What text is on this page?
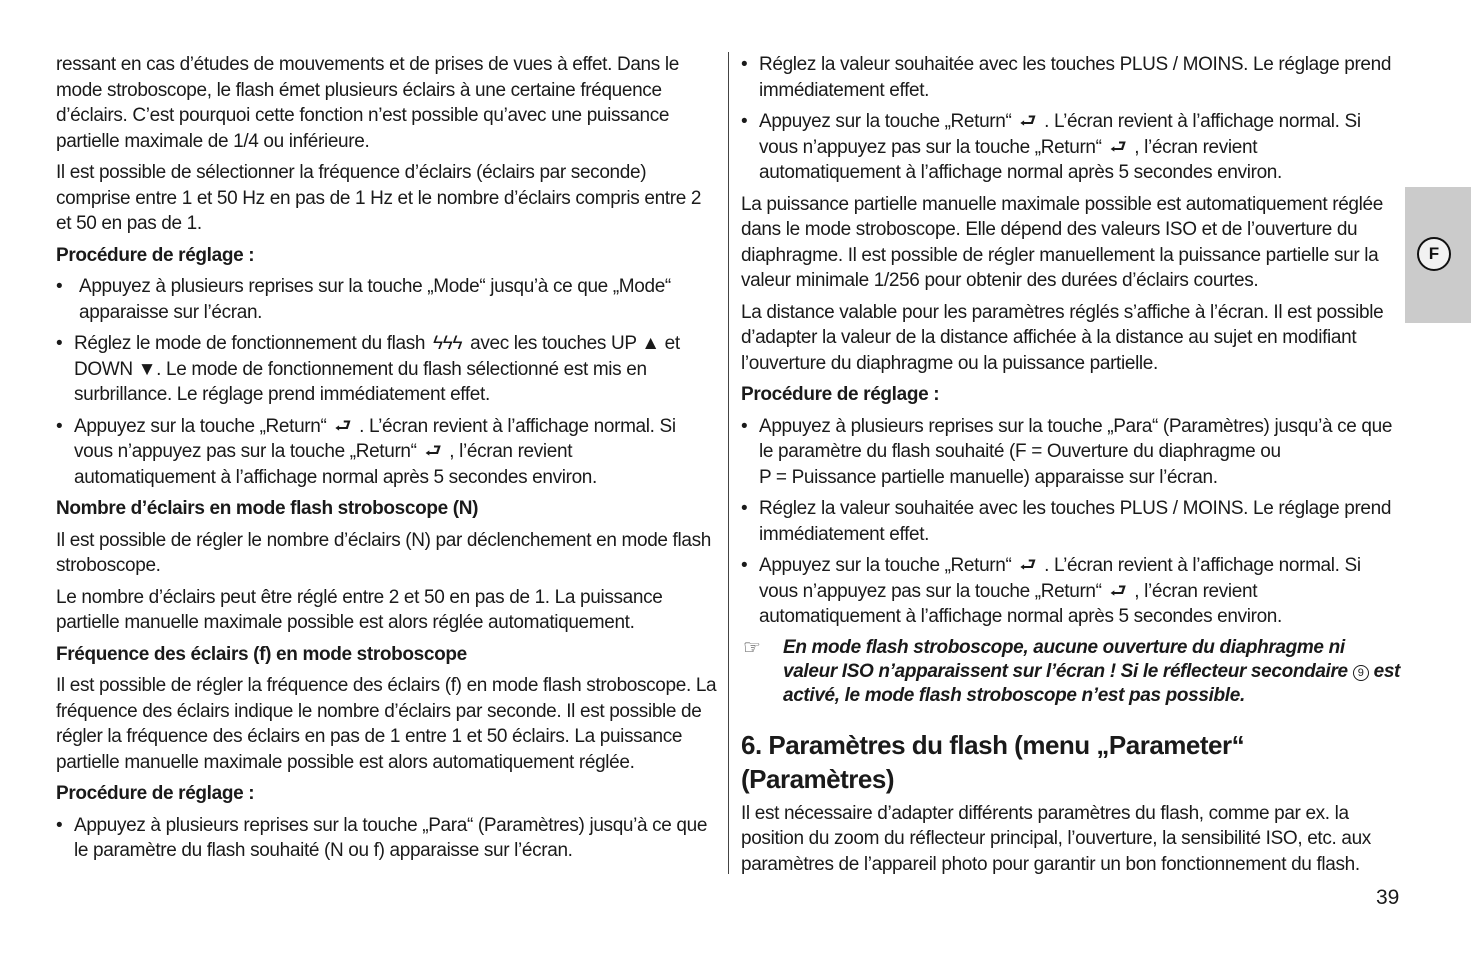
ressant en cas d’études de mouvements et de prises de vues à effet. Dans le mode stroboscope, le flash émet plusieurs éclairs à une certaine fréquence d’éclairs. C’est pourquoi cette fonction n’est possible qu’avec une puissance partielle maximale de 1/4 ou inférieure.

Il est possible de sélectionner la fréquence d’éclairs (éclairs par seconde) comprise entre 1 et 50 Hz en pas de 1 Hz et le nombre d’éclairs compris entre 2 et 50 en pas de 1.

Procédure de réglage :
• Appuyez à plusieurs reprises sur la touche „Mode“ jusqu’à ce que „Mode“ apparaisse sur l’écran.
• Réglez le mode de fonctionnement du flash ϟϟϟ avec les touches UP ▲ et DOWN ▼. Le mode de fonctionnement du flash sélectionné est mis en surbrillance. Le réglage prend immédiatement effet.
• Appuyez sur la touche „Return“ ⮐ . L’écran revient à l’affichage normal. Si vous n’appuyez pas sur la touche „Return“ ⮐ , l’écran revient automatiquement à l’affichage normal après 5 secondes environ.
Nombre d’éclairs en mode flash stroboscope (N)

Il est possible de régler le nombre d’éclairs (N) par déclenchement en mode flash stroboscope.

Le nombre d’éclairs peut être réglé entre 2 et 50 en pas de 1. La puissance partielle manuelle maximale possible est alors réglée automatiquement.

Fréquence des éclairs (f) en mode stroboscope

Il est possible de régler la fréquence des éclairs (f) en mode flash stroboscope. La fréquence des éclairs indique le nombre d’éclairs par seconde. Il est possible de régler la fréquence des éclairs en pas de 1 entre 1 et 50 éclairs. La puissance partielle manuelle maximale possible est alors automatiquement réglée.

Procédure de réglage :
• Appuyez à plusieurs reprises sur la touche „Para“ (Paramètres) jusqu’à ce que le paramètre du flash souhaité (N ou f) apparaisse sur l’écran.
• Réglez la valeur souhaitée avec les touches PLUS / MOINS. Le réglage prend immédiatement effet.
• Appuyez sur la touche „Return“ ⮐ . L’écran revient à l’affichage normal. Si vous n’appuyez pas sur la touche „Return“ ⮐ , l’écran revient automatiquement à l’affichage normal après 5 secondes environ.

La puissance partielle manuelle maximale possible est automatiquement réglée dans le mode stroboscope. Elle dépend des valeurs ISO et de l’ouverture du diaphragme. Il est possible de régler manuellement la puissance partielle sur la valeur minimale 1/256 pour obtenir des durées d’éclairs courtes.

La distance valable pour les paramètres réglés s’affiche à l’écran. Il est possible d’adapter la valeur de la distance affichée à la distance au sujet en modifiant l’ouverture du diaphragme ou la puissance partielle.

Procédure de réglage :
• Appuyez à plusieurs reprises sur la touche „Para“ (Paramètres) jusqu’à ce que le paramètre du flash souhaité (F = Ouverture du diaphragme ou
P = Puissance partielle manuelle) apparaisse sur l’écran.
• Réglez la valeur souhaitée avec les touches PLUS / MOINS. Le réglage prend immédiatement effet.
• Appuyez sur la touche „Return“ ⮐ . L’écran revient à l’affichage normal. Si vous n’appuyez pas sur la touche „Return“ ⮐ , l’écran revient automatiquement à l’affichage normal après 5 secondes environ.
☞ En mode flash stroboscope, aucune ouverture du diaphragme ni valeur ISO n’apparaissent sur l’écran ! Si le réflecteur secondaire 9 est activé, le mode flash stroboscope n’est pas possible.
6. Paramètres du flash (menu „Parameter“ (Paramètres)

Il est nécessaire d’adapter différents paramètres du flash, comme par ex. la position du zoom du réflecteur principal, l’ouverture, la sensibilité ISO, etc. aux paramètres de l’appareil photo pour garantir un bon fonctionnement du flash.

F
39
